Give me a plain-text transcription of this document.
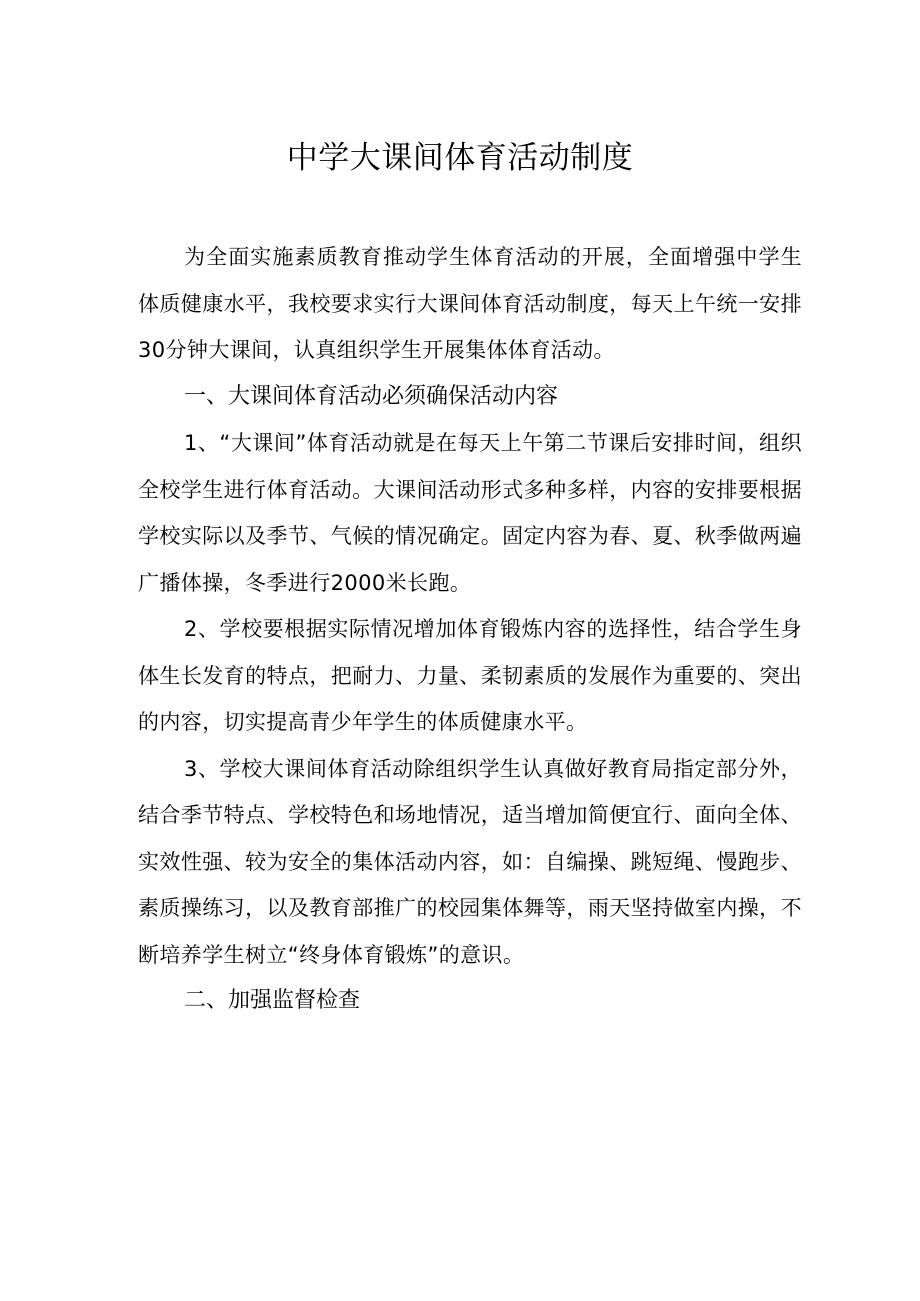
中学大课间体育活动制度

为全面实施素质教育推动学生体育活动的开展，全面增强中学生体质健康水平，我校要求实行大课间体育活动制度，每天上午统一安排30分钟大课间，认真组织学生开展集体体育活动。

一、大课间体育活动必须确保活动内容

1、“大课间”体育活动就是在每天上午第二节课后安排时间，组织全校学生进行体育活动。大课间活动形式多种多样，内容的安排要根据学校实际以及季节、气候的情况确定。固定内容为春、夏、秋季做两遍广播体操，冬季进行2000米长跑。

2、学校要根据实际情况增加体育锻炼内容的选择性，结合学生身体生长发育的特点，把耐力、力量、柔韧素质的发展作为重要的、突出的内容，切实提高青少年学生的体质健康水平。

3、学校大课间体育活动除组织学生认真做好教育局指定部分外，结合季节特点、学校特色和场地情况，适当增加简便宜行、面向全体、实效性强、较为安全的集体活动内容，如：自编操、跳短绳、慢跑步、素质操练习，以及教育部推广的校园集体舞等，雨天坚持做室内操，不断培养学生树立“终身体育锻炼”的意识。

二、加强监督检查
